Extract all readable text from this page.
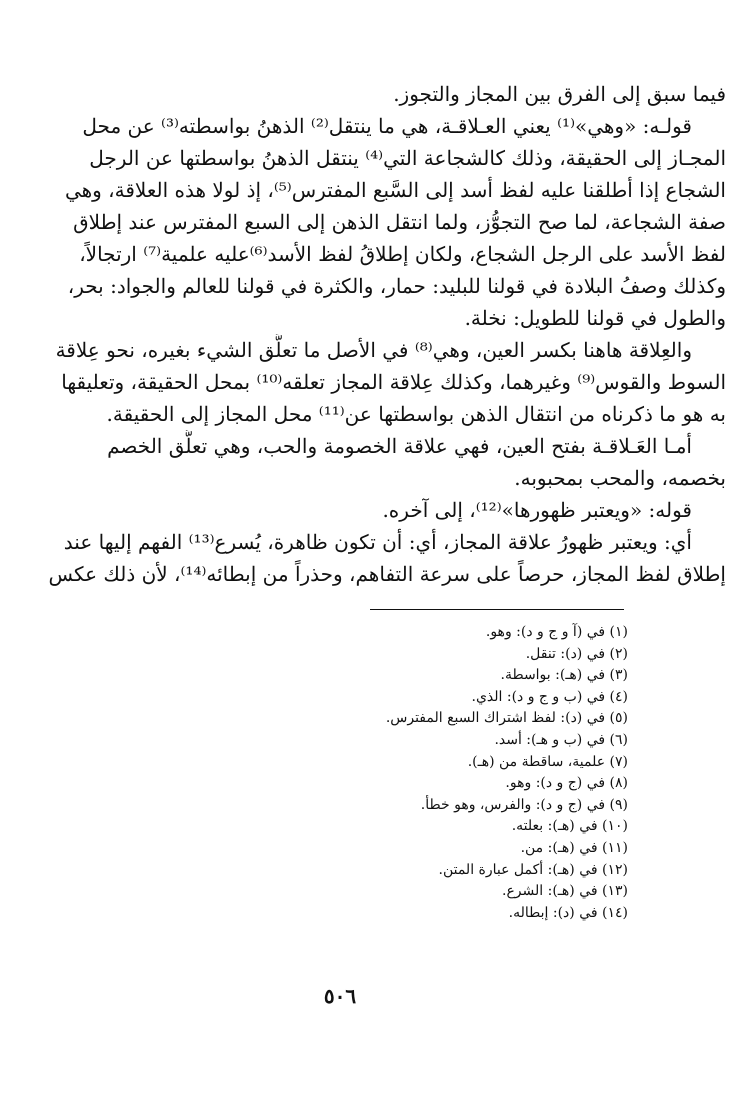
فيما سبق إلى الفرق بين المجاز والتجوز.
قولـه: «وهي»⁽¹⁾ يعني العـلاقـة، هي ما ينتقل⁽²⁾ الذهنُ بواسطته⁽³⁾ عن محل
المجـاز إلى الحقيقة، وذلك كالشجاعة التي⁽⁴⁾ ينتقل الذهنُ بواسطتها عن الرجل
الشجاع إذا أطلقنا عليه لفظ أسد إلى السَّبع المفترس⁽⁵⁾، إذ لولا هذه العلاقة، وهي
صفة الشجاعة، لما صح التجوُّز، ولما انتقل الذهن إلى السبع المفترس عند إطلاق
لفظ الأسد على الرجل الشجاع، ولكان إطلاقُ لفظ الأسد⁽⁶⁾عليه علمية⁽⁷⁾ ارتجالاً،
وكذلك وصفُ البلادة في قولنا للبليد: حمار، والكثرة في قولنا للعالم والجواد: بحر،
والطول في قولنا للطويل: نخلة.
والعِلاقة هاهنا بكسر العين، وهي⁽⁸⁾ في الأصل ما تعلَّق الشيء بغيره، نحو عِلاقة
السوط والقوس⁽⁹⁾ وغيرهما، وكذلك عِلاقة المجاز تعلقه⁽¹⁰⁾ بمحل الحقيقة، وتعليقها
به هو ما ذكرناه من انتقال الذهن بواسطتها عن⁽¹¹⁾ محل المجاز إلى الحقيقة.
أمـا العَـلاقـة بفتح العين، فهي علاقة الخصومة والحب، وهي تعلُّق الخصم
بخصمه، والمحب بمحبوبه.
قوله: «ويعتبر ظهورها»⁽¹²⁾، إلى آخره.
أي: ويعتبر ظهورُ علاقة المجاز، أي: أن تكون ظاهرة، يُسرع⁽¹³⁾ الفهم إليها عند
إطلاق لفظ المجاز، حرصاً على سرعة التفاهم، وحذراً من إبطائه⁽¹⁴⁾، لأن ذلك عكس
(١) في (آ و ج و د): وهو.
(٢) في (د): تنقل.
(٣) في (هـ): بواسطة.
(٤) في (ب و ج و د): الذي.
(٥) في (د): لفظ اشتراك السبع المفترس.
(٦) في (ب و هـ): أسد.
(٧) علمية، ساقطة من (هـ).
(٨) في (ج و د): وهو.
(٩) في (ج و د): والفرس، وهو خطأ.
(١٠) في (هـ): بعلته.
(١١) في (هـ): من.
(١٢) في (هـ): أكمل عبارة المتن.
(١٣) في (هـ): الشرع.
(١٤) في (د): إبطاله.
٥٠٦
